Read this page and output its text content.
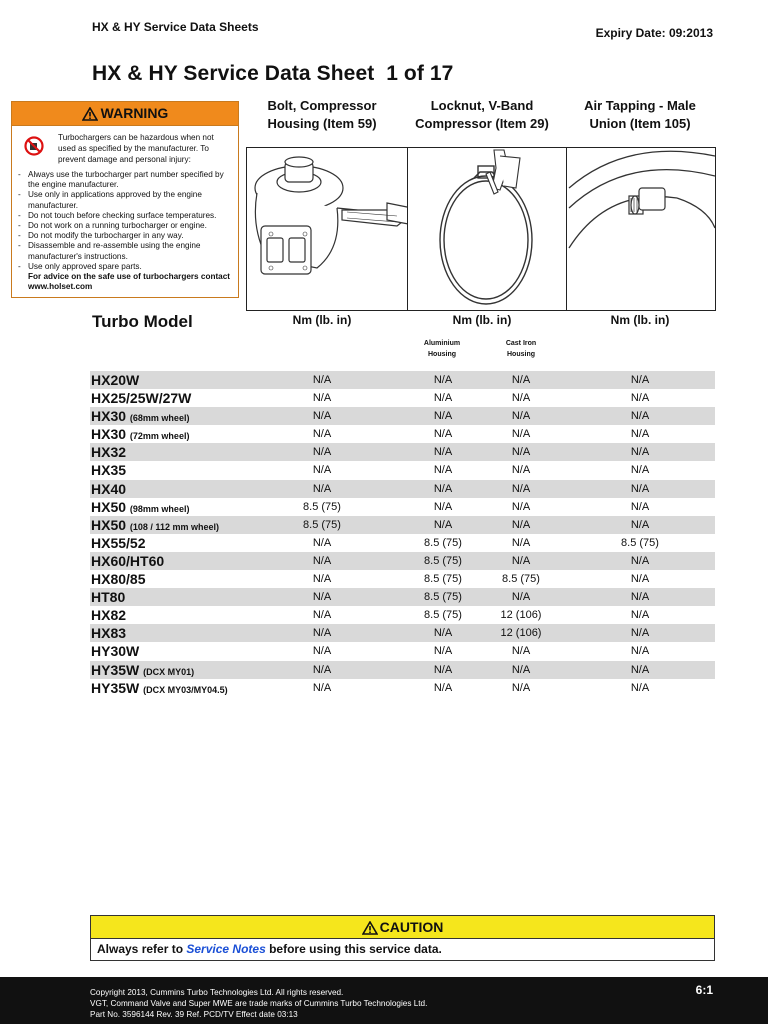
HX & HY Service Data Sheets	Expiry Date: 09:2013
HX & HY Service Data Sheet  1 of 17
WARNING
Turbochargers can be hazardous when not used as specified by the manufacturer. To prevent damage and personal injury:
- Always use the turbocharger part number specified by the engine manufacturer.
- Use only in applications approved by the engine manufacturer.
- Do not touch before checking surface temperatures.
- Do not work on a running turbocharger or engine.
- Do not modify the turbocharger in any way.
- Disassemble and re-assemble using the engine manufacturer's instructions.
- Use only approved spare parts.
For advice on the safe use of turbochargers contact www.holset.com
Bolt, Compressor
Housing (Item 59)
Locknut, V-Band
Compressor (Item 29)
Air Tapping - Male
Union (Item 105)
Turbo Model	Nm (lb. in)	Nm (lb. in)	Nm (lb. in)
Aluminium
Housing
Cast Iron
Housing
HX20W	N/A	N/A	N/A	N/A
HX25/25W/27W	N/A	N/A	N/A	N/A
HX30 (68mm wheel)	N/A	N/A	N/A	N/A
HX30 (72mm wheel)	N/A	N/A	N/A	N/A
HX32	N/A	N/A	N/A	N/A
HX35	N/A	N/A	N/A	N/A
HX40	N/A	N/A	N/A	N/A
HX50 (98mm wheel)	8.5 (75)	N/A	N/A	N/A
HX50 (108 / 112 mm wheel)	8.5 (75)	N/A	N/A	N/A
HX55/52	N/A	8.5 (75)	N/A	8.5 (75)
HX60/HT60	N/A	8.5 (75)	N/A	N/A
HX80/85	N/A	8.5 (75)	8.5 (75)	N/A
HT80	N/A	8.5 (75)	N/A	N/A
HX82	N/A	8.5 (75)	12 (106)	N/A
HX83	N/A	N/A	12 (106)	N/A
HY30W	N/A	N/A	N/A	N/A
HY35W (DCX MY01)	N/A	N/A	N/A	N/A
HY35W (DCX MY03/MY04.5)	N/A	N/A	N/A	N/A
CAUTION
Always refer to Service Notes before using this service data.
Copyright 2013, Cummins Turbo Technologies Ltd. All rights reserved.
VGT, Command Valve and Super MWE are trade marks of Cummins Turbo Technologies Ltd.
Part No. 3596144 Rev. 39 Ref. PCD/TV Effect date 03:13
6:1
